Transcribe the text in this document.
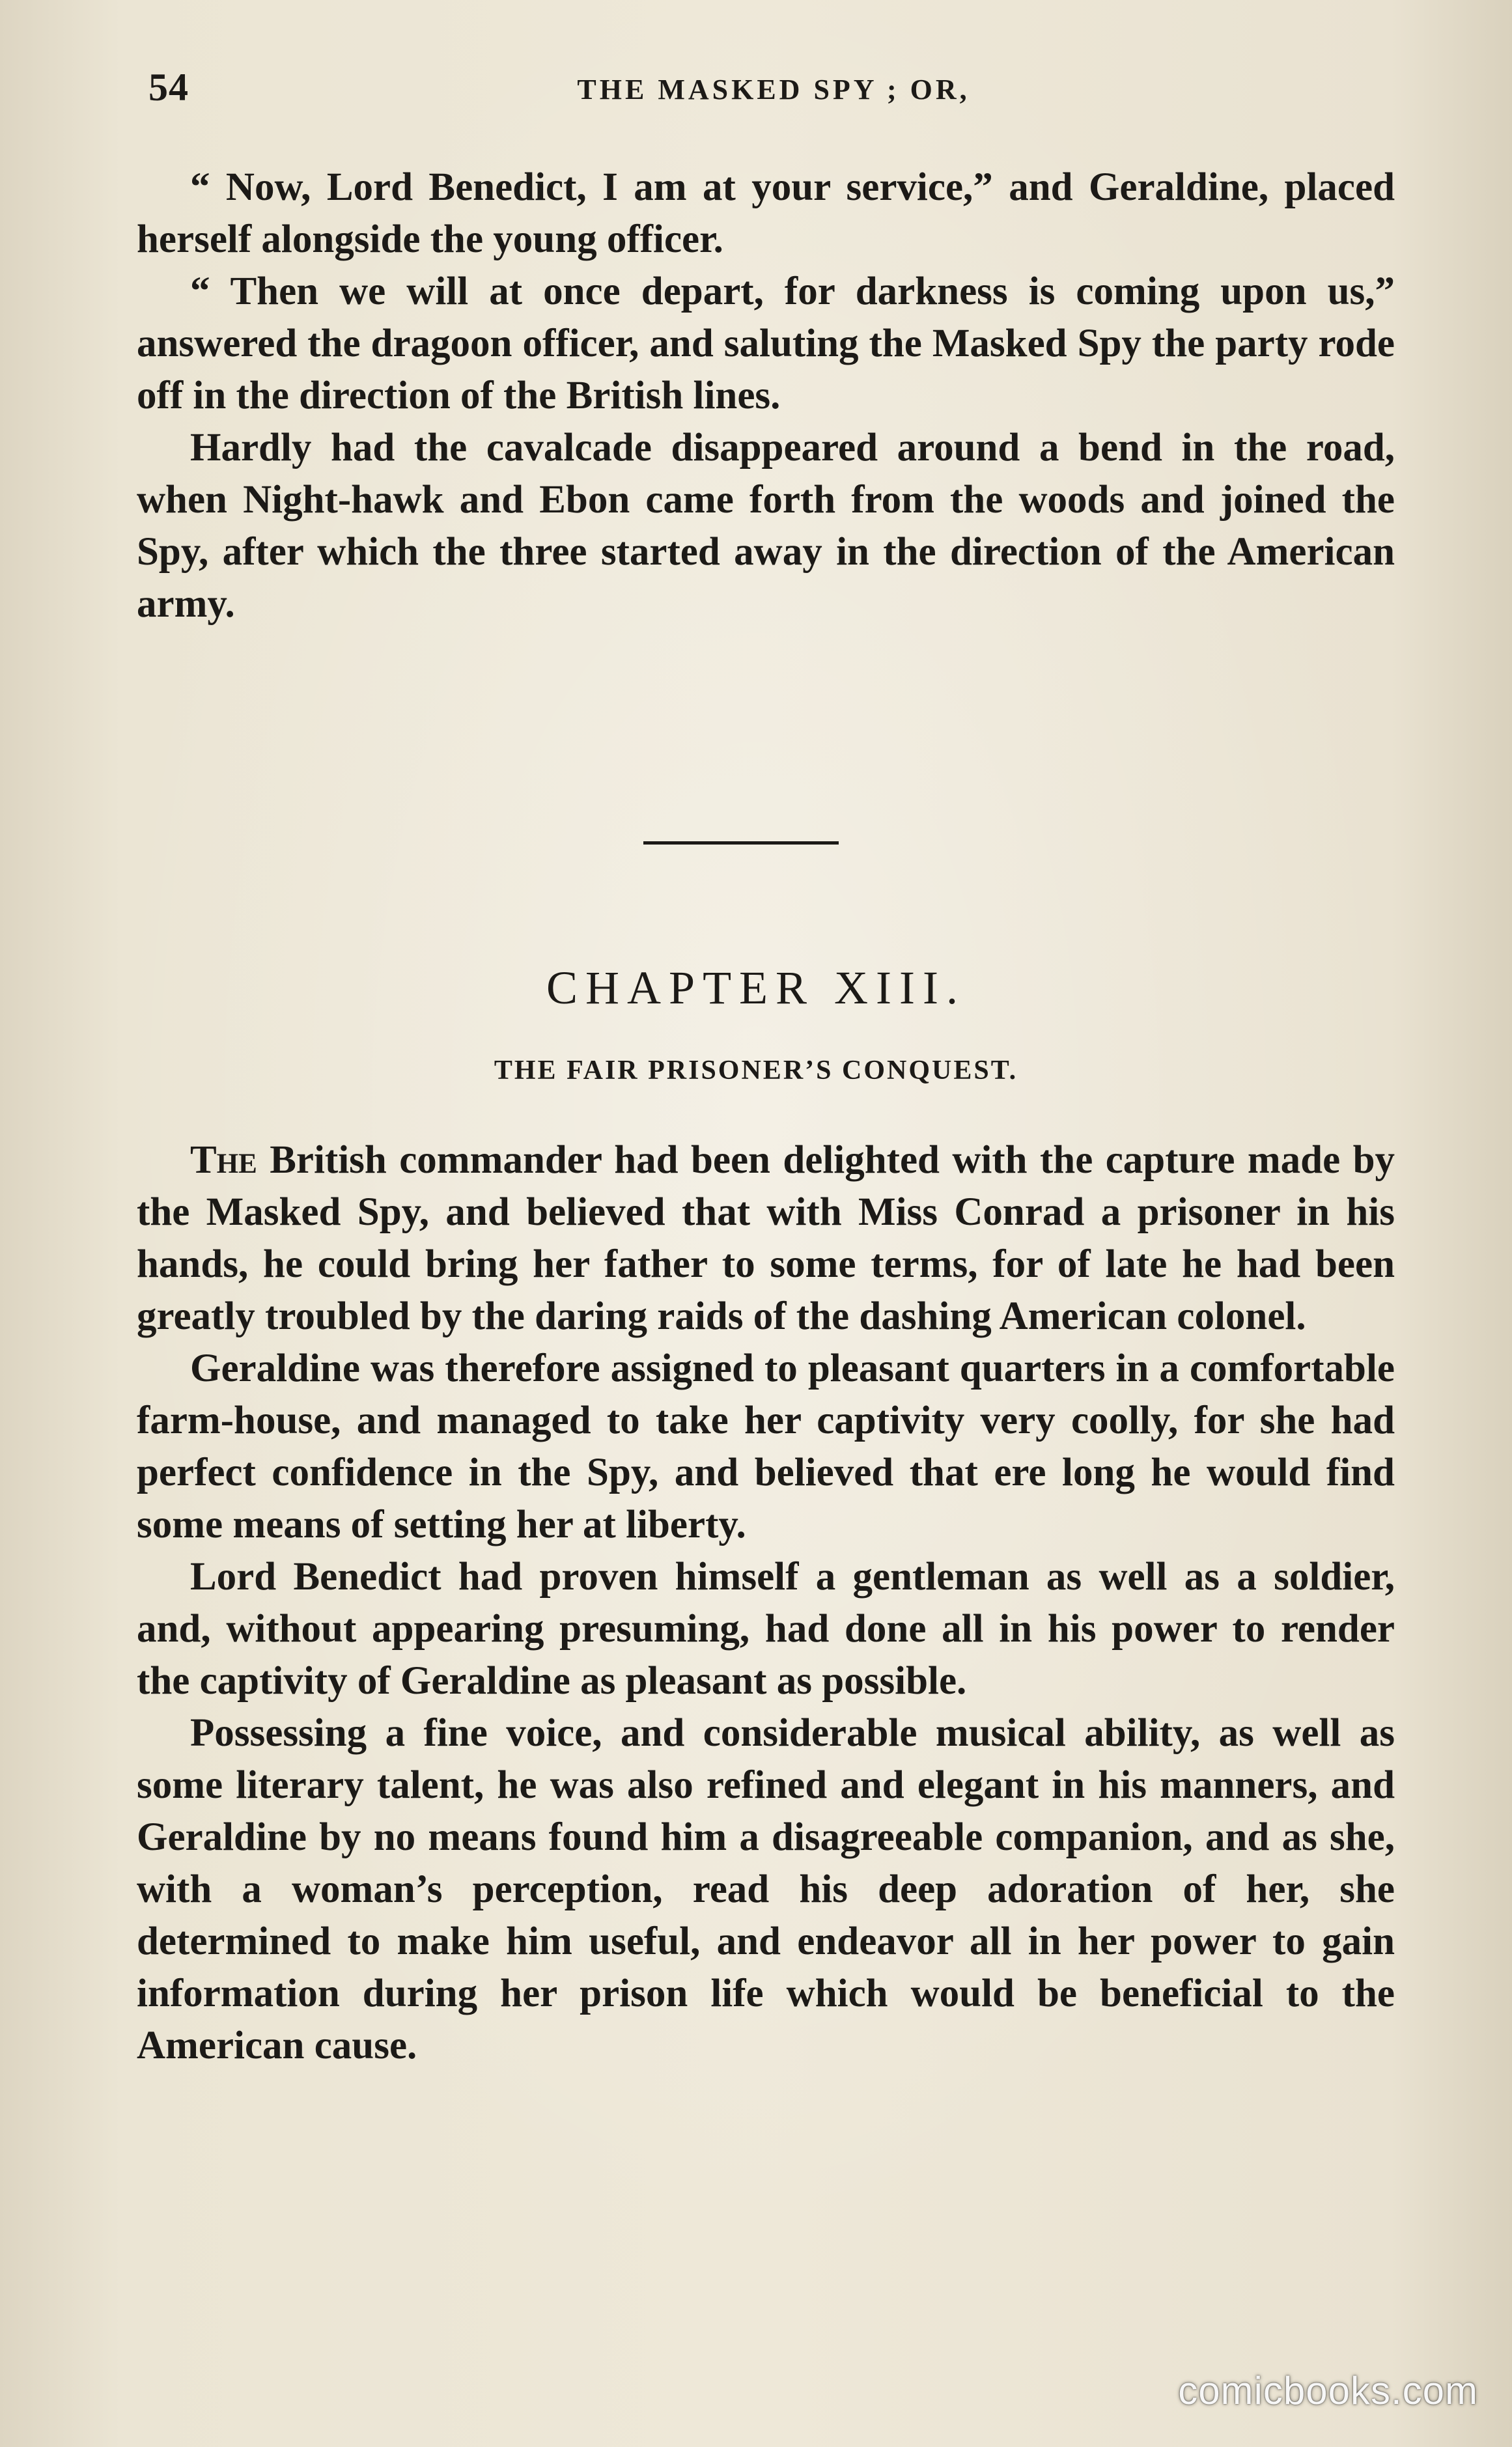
54	THE MASKED SPY ; OR,

“ Now, Lord Benedict, I am at your service,” and Geraldine, placed herself alongside the young officer.

“ Then we will at once depart, for darkness is coming upon us,” answered the dragoon officer, and saluting the Masked Spy the party rode off in the direction of the British lines.

Hardly had the cavalcade disappeared around a bend in the road, when Night-hawk and Ebon came forth from the woods and joined the Spy, after which the three started away in the direction of the American army.

CHAPTER XIII.
THE FAIR PRISONER’S CONQUEST.

The British commander had been delighted with the capture made by the Masked Spy, and believed that with Miss Conrad a prisoner in his hands, he could bring her father to some terms, for of late he had been greatly troubled by the daring raids of the dashing American colonel.

Geraldine was therefore assigned to pleasant quarters in a comfortable farm-house, and managed to take her captivity very coolly, for she had perfect confidence in the Spy, and believed that ere long he would find some means of setting her at liberty.

Lord Benedict had proven himself a gentleman as well as a soldier, and, without appearing presuming, had done all in his power to render the captivity of Geraldine as pleasant as possible.

Possessing a fine voice, and considerable musical ability, as well as some literary talent, he was also refined and elegant in his manners, and Geraldine by no means found him a disagreeable companion, and as she, with a woman’s perception, read his deep adoration of her, she determined to make him useful, and endeavor all in her power to gain information during her prison life which would be beneficial to the American cause.

comicbooks.com
